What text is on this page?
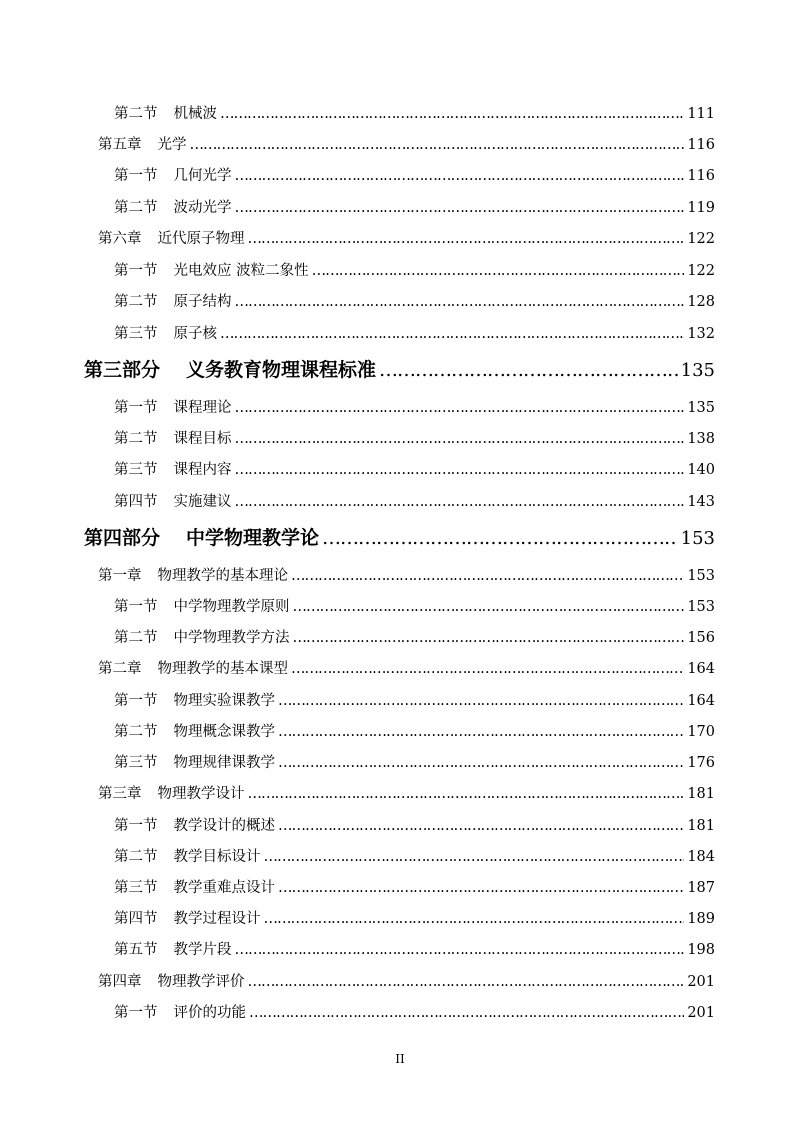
第二节 机械波 ……………………………………………………………………………………………………………………………………………………………………………………………………………………………………………………………………………………………………………………………………………………………………………………	111
第五章 光学 ……………………………………………………………………………………………………………………………………………………………………………………………………………………………………………………………………………………………………………………………………………………………………………………	116
第一节 几何光学 ……………………………………………………………………………………………………………………………………………………………………………………………………………………………………………………………………………………………………………………………………………………………………………………	116
第二节 波动光学 ……………………………………………………………………………………………………………………………………………………………………………………………………………………………………………………………………………………………………………………………………………………………………………………	119
第六章 近代原子物理 ……………………………………………………………………………………………………………………………………………………………………………………………………………………………………………………………………………………………………………………………………………………………………………………	122
第一节 光电效应 波粒二象性 ……………………………………………………………………………………………………………………………………………………………………………………………………………………………………………………………………………………………………………………………………………………………………………………	122
第二节 原子结构 ……………………………………………………………………………………………………………………………………………………………………………………………………………………………………………………………………………………………………………………………………………………………………………………	128
第三节 原子核 ……………………………………………………………………………………………………………………………………………………………………………………………………………………………………………………………………………………………………………………………………………………………………………………	132
第三部分 义务教育物理课程标准 ……………………………………………………………………………………………………………………………………………………………………………………………………………………………………………………………………………………………………………………………………………………………………………………	135
第一节 课程理论 ……………………………………………………………………………………………………………………………………………………………………………………………………………………………………………………………………………………………………………………………………………………………………………………	135
第二节 课程目标 ……………………………………………………………………………………………………………………………………………………………………………………………………………………………………………………………………………………………………………………………………………………………………………………	138
第三节 课程内容 ……………………………………………………………………………………………………………………………………………………………………………………………………………………………………………………………………………………………………………………………………………………………………………………	140
第四节 实施建议 ……………………………………………………………………………………………………………………………………………………………………………………………………………………………………………………………………………………………………………………………………………………………………………………	143
第四部分 中学物理教学论 ……………………………………………………………………………………………………………………………………………………………………………………………………………………………………………………………………………………………………………………………………………………………………………………	153
第一章 物理教学的基本理论 ……………………………………………………………………………………………………………………………………………………………………………………………………………………………………………………………………………………………………………………………………………………………………………………	153
第一节 中学物理教学原则 ……………………………………………………………………………………………………………………………………………………………………………………………………………………………………………………………………………………………………………………………………………………………………………………	153
第二节 中学物理教学方法 ……………………………………………………………………………………………………………………………………………………………………………………………………………………………………………………………………………………………………………………………………………………………………………………	156
第二章 物理教学的基本课型 ……………………………………………………………………………………………………………………………………………………………………………………………………………………………………………………………………………………………………………………………………………………………………………………	164
第一节 物理实验课教学 ……………………………………………………………………………………………………………………………………………………………………………………………………………………………………………………………………………………………………………………………………………………………………………………	164
第二节 物理概念课教学 ……………………………………………………………………………………………………………………………………………………………………………………………………………………………………………………………………………………………………………………………………………………………………………………	170
第三节 物理规律课教学 ……………………………………………………………………………………………………………………………………………………………………………………………………………………………………………………………………………………………………………………………………………………………………………………	176
第三章 物理教学设计 ……………………………………………………………………………………………………………………………………………………………………………………………………………………………………………………………………………………………………………………………………………………………………………………	181
第一节 教学设计的概述 ……………………………………………………………………………………………………………………………………………………………………………………………………………………………………………………………………………………………………………………………………………………………………………………	181
第二节 教学目标设计 ……………………………………………………………………………………………………………………………………………………………………………………………………………………………………………………………………………………………………………………………………………………………………………………	184
第三节 教学重难点设计 ……………………………………………………………………………………………………………………………………………………………………………………………………………………………………………………………………………………………………………………………………………………………………………………	187
第四节 教学过程设计 ……………………………………………………………………………………………………………………………………………………………………………………………………………………………………………………………………………………………………………………………………………………………………………………	189
第五节 教学片段 ……………………………………………………………………………………………………………………………………………………………………………………………………………………………………………………………………………………………………………………………………………………………………………………	198
第四章 物理教学评价 ……………………………………………………………………………………………………………………………………………………………………………………………………………………………………………………………………………………………………………………………………………………………………………………	201
第一节 评价的功能 ……………………………………………………………………………………………………………………………………………………………………………………………………………………………………………………………………………………………………………………………………………………………………………………	201
II
